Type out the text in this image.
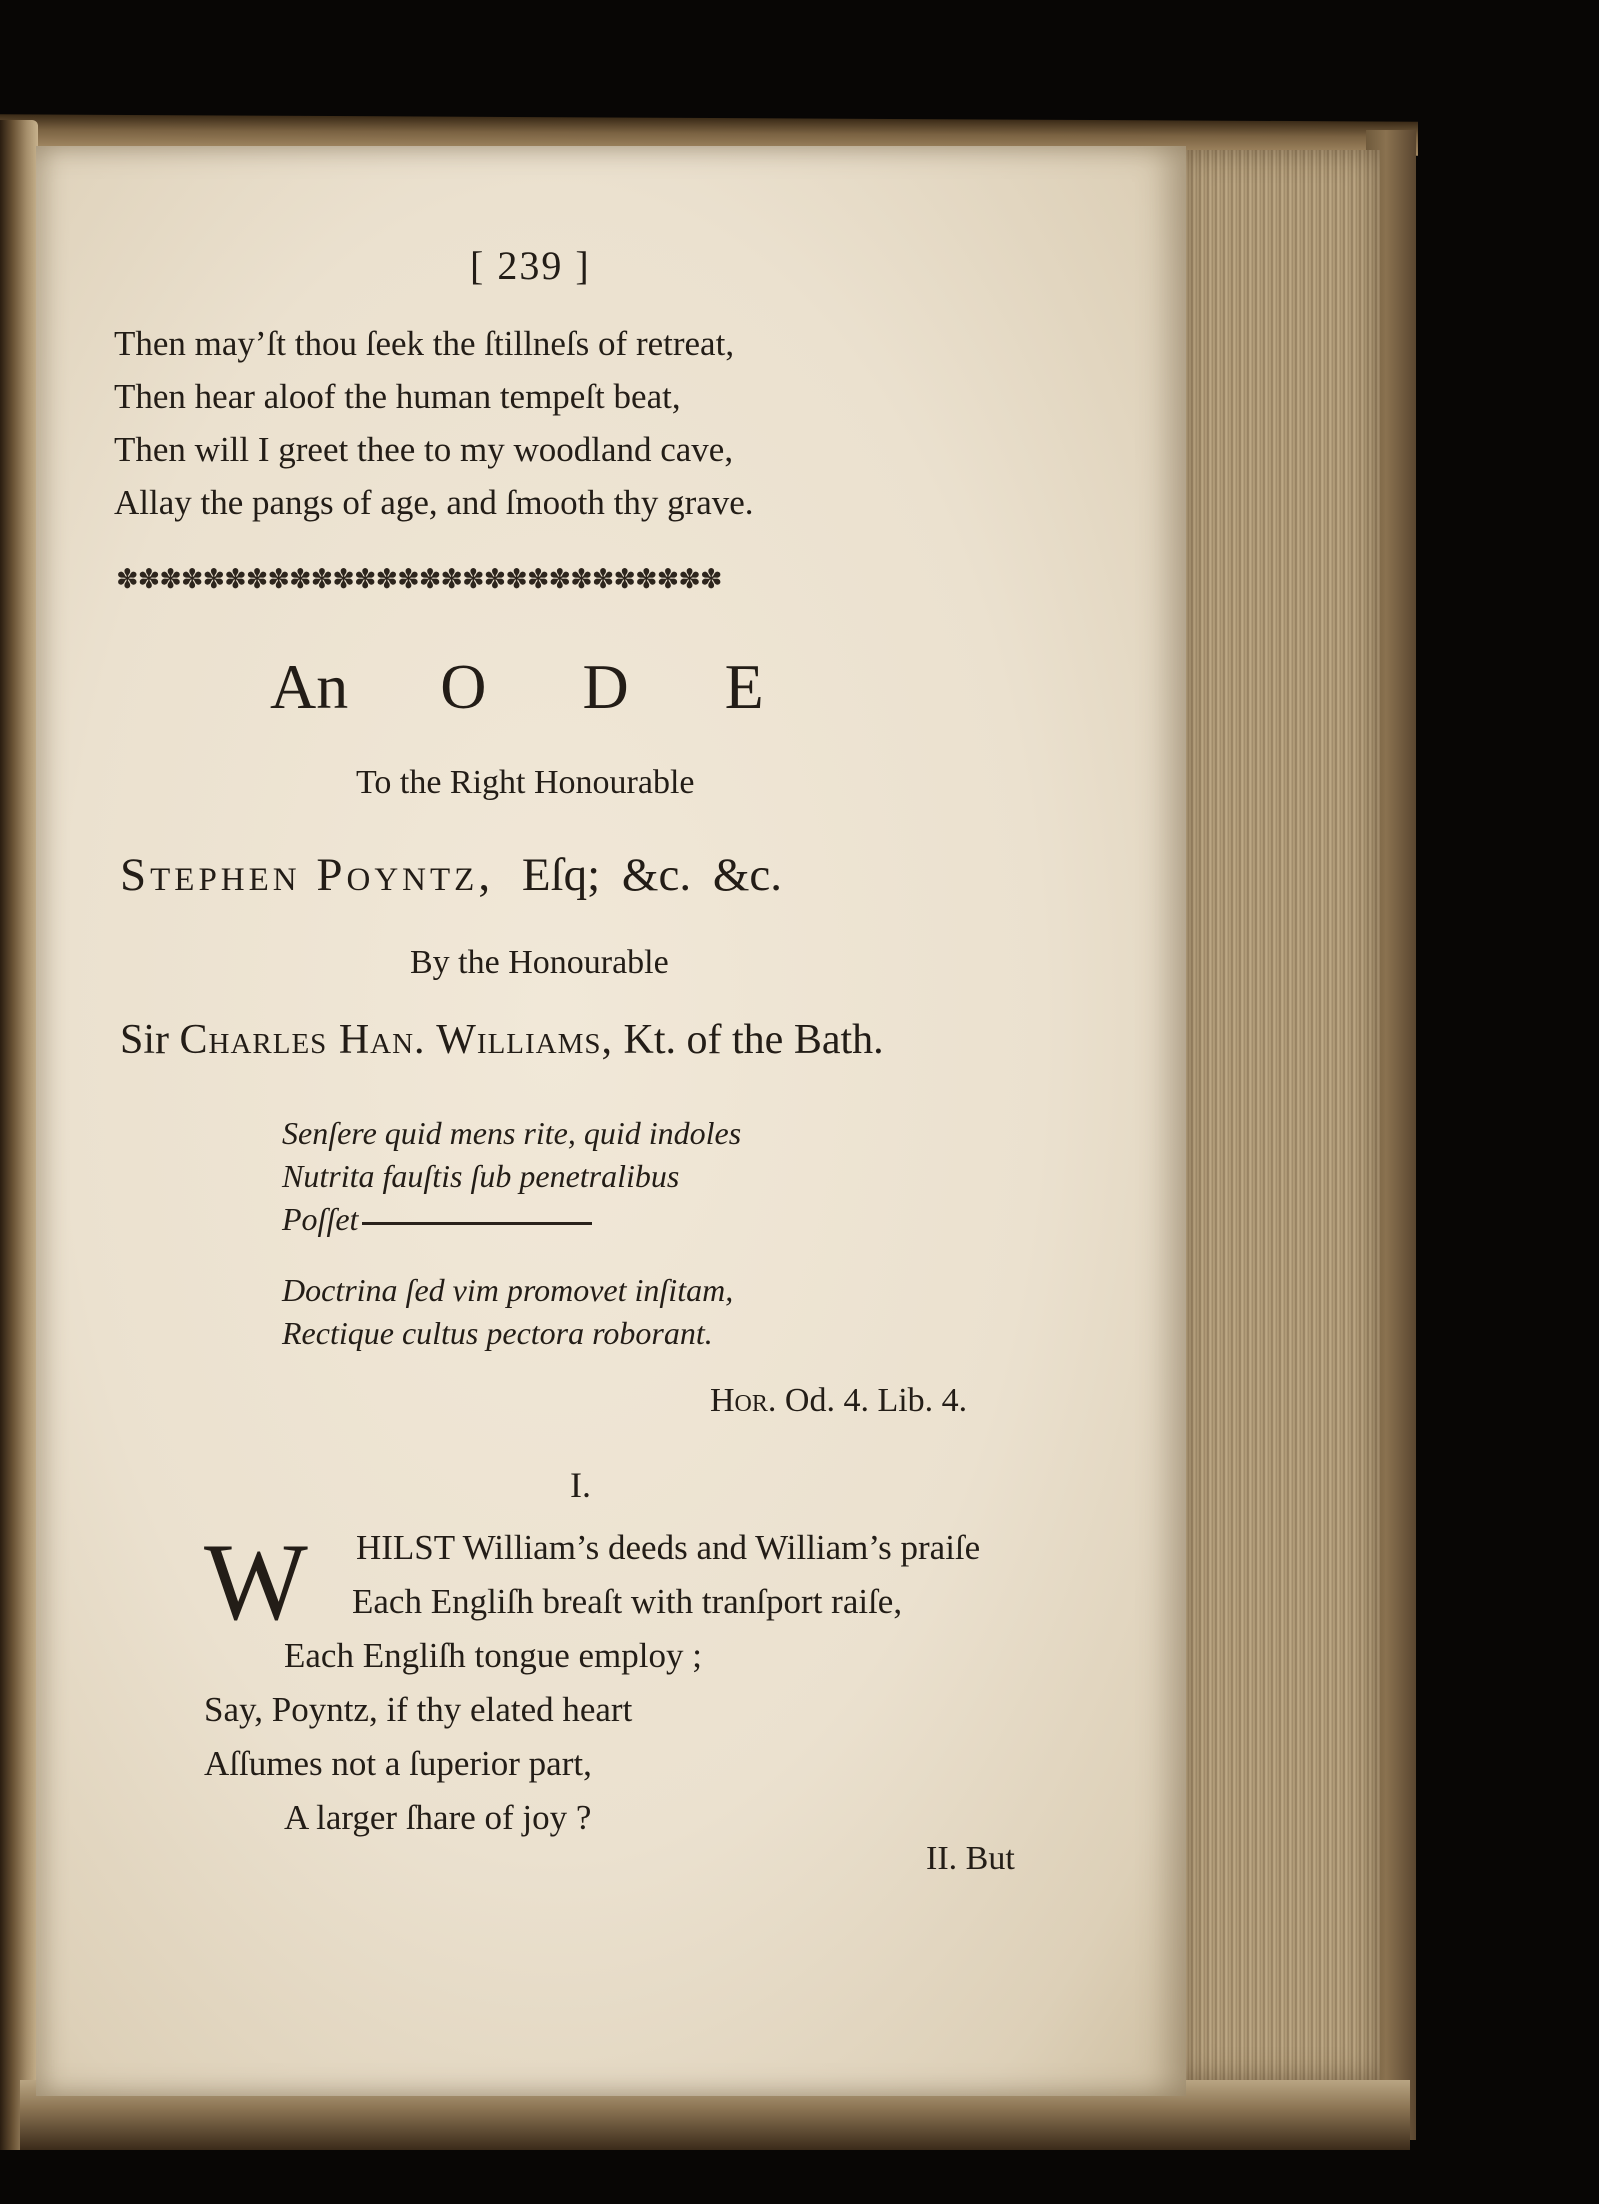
[ 239 ]
Then may’ſt thou ſeek the ſtillneſs of retreat,
Then hear aloof the human tempeſt beat,
Then will I greet thee to my woodland cave,
Allay the pangs of age, and ſmooth thy grave.
✽✽✽✽✽✽✽✽✽✽✽✽✽✽✽✽✽✽✽✽✽✽✽✽✽✽✽✽
An O D E
To the Right Honourable
Stephen Poyntz, Eſq; &c. &c.
By the Honourable
Sir Charles Han. Williams, Kt. of the Bath.
Senſere quid mens rite, quid indoles
Nutrita fauſtis ſub penetralibus
Poſſet
Doctrina ſed vim promovet inſitam,
Rectique cultus pectora roborant.
Hor. Od. 4. Lib. 4.
I.
W HILST William’s deeds and William’s praiſe
Each Engliſh breaſt with tranſport raiſe,
Each Engliſh tongue employ ;
Say, Poyntz, if thy elated heart
Aſſumes not a ſuperior part,
A larger ſhare of joy ?
II. But
